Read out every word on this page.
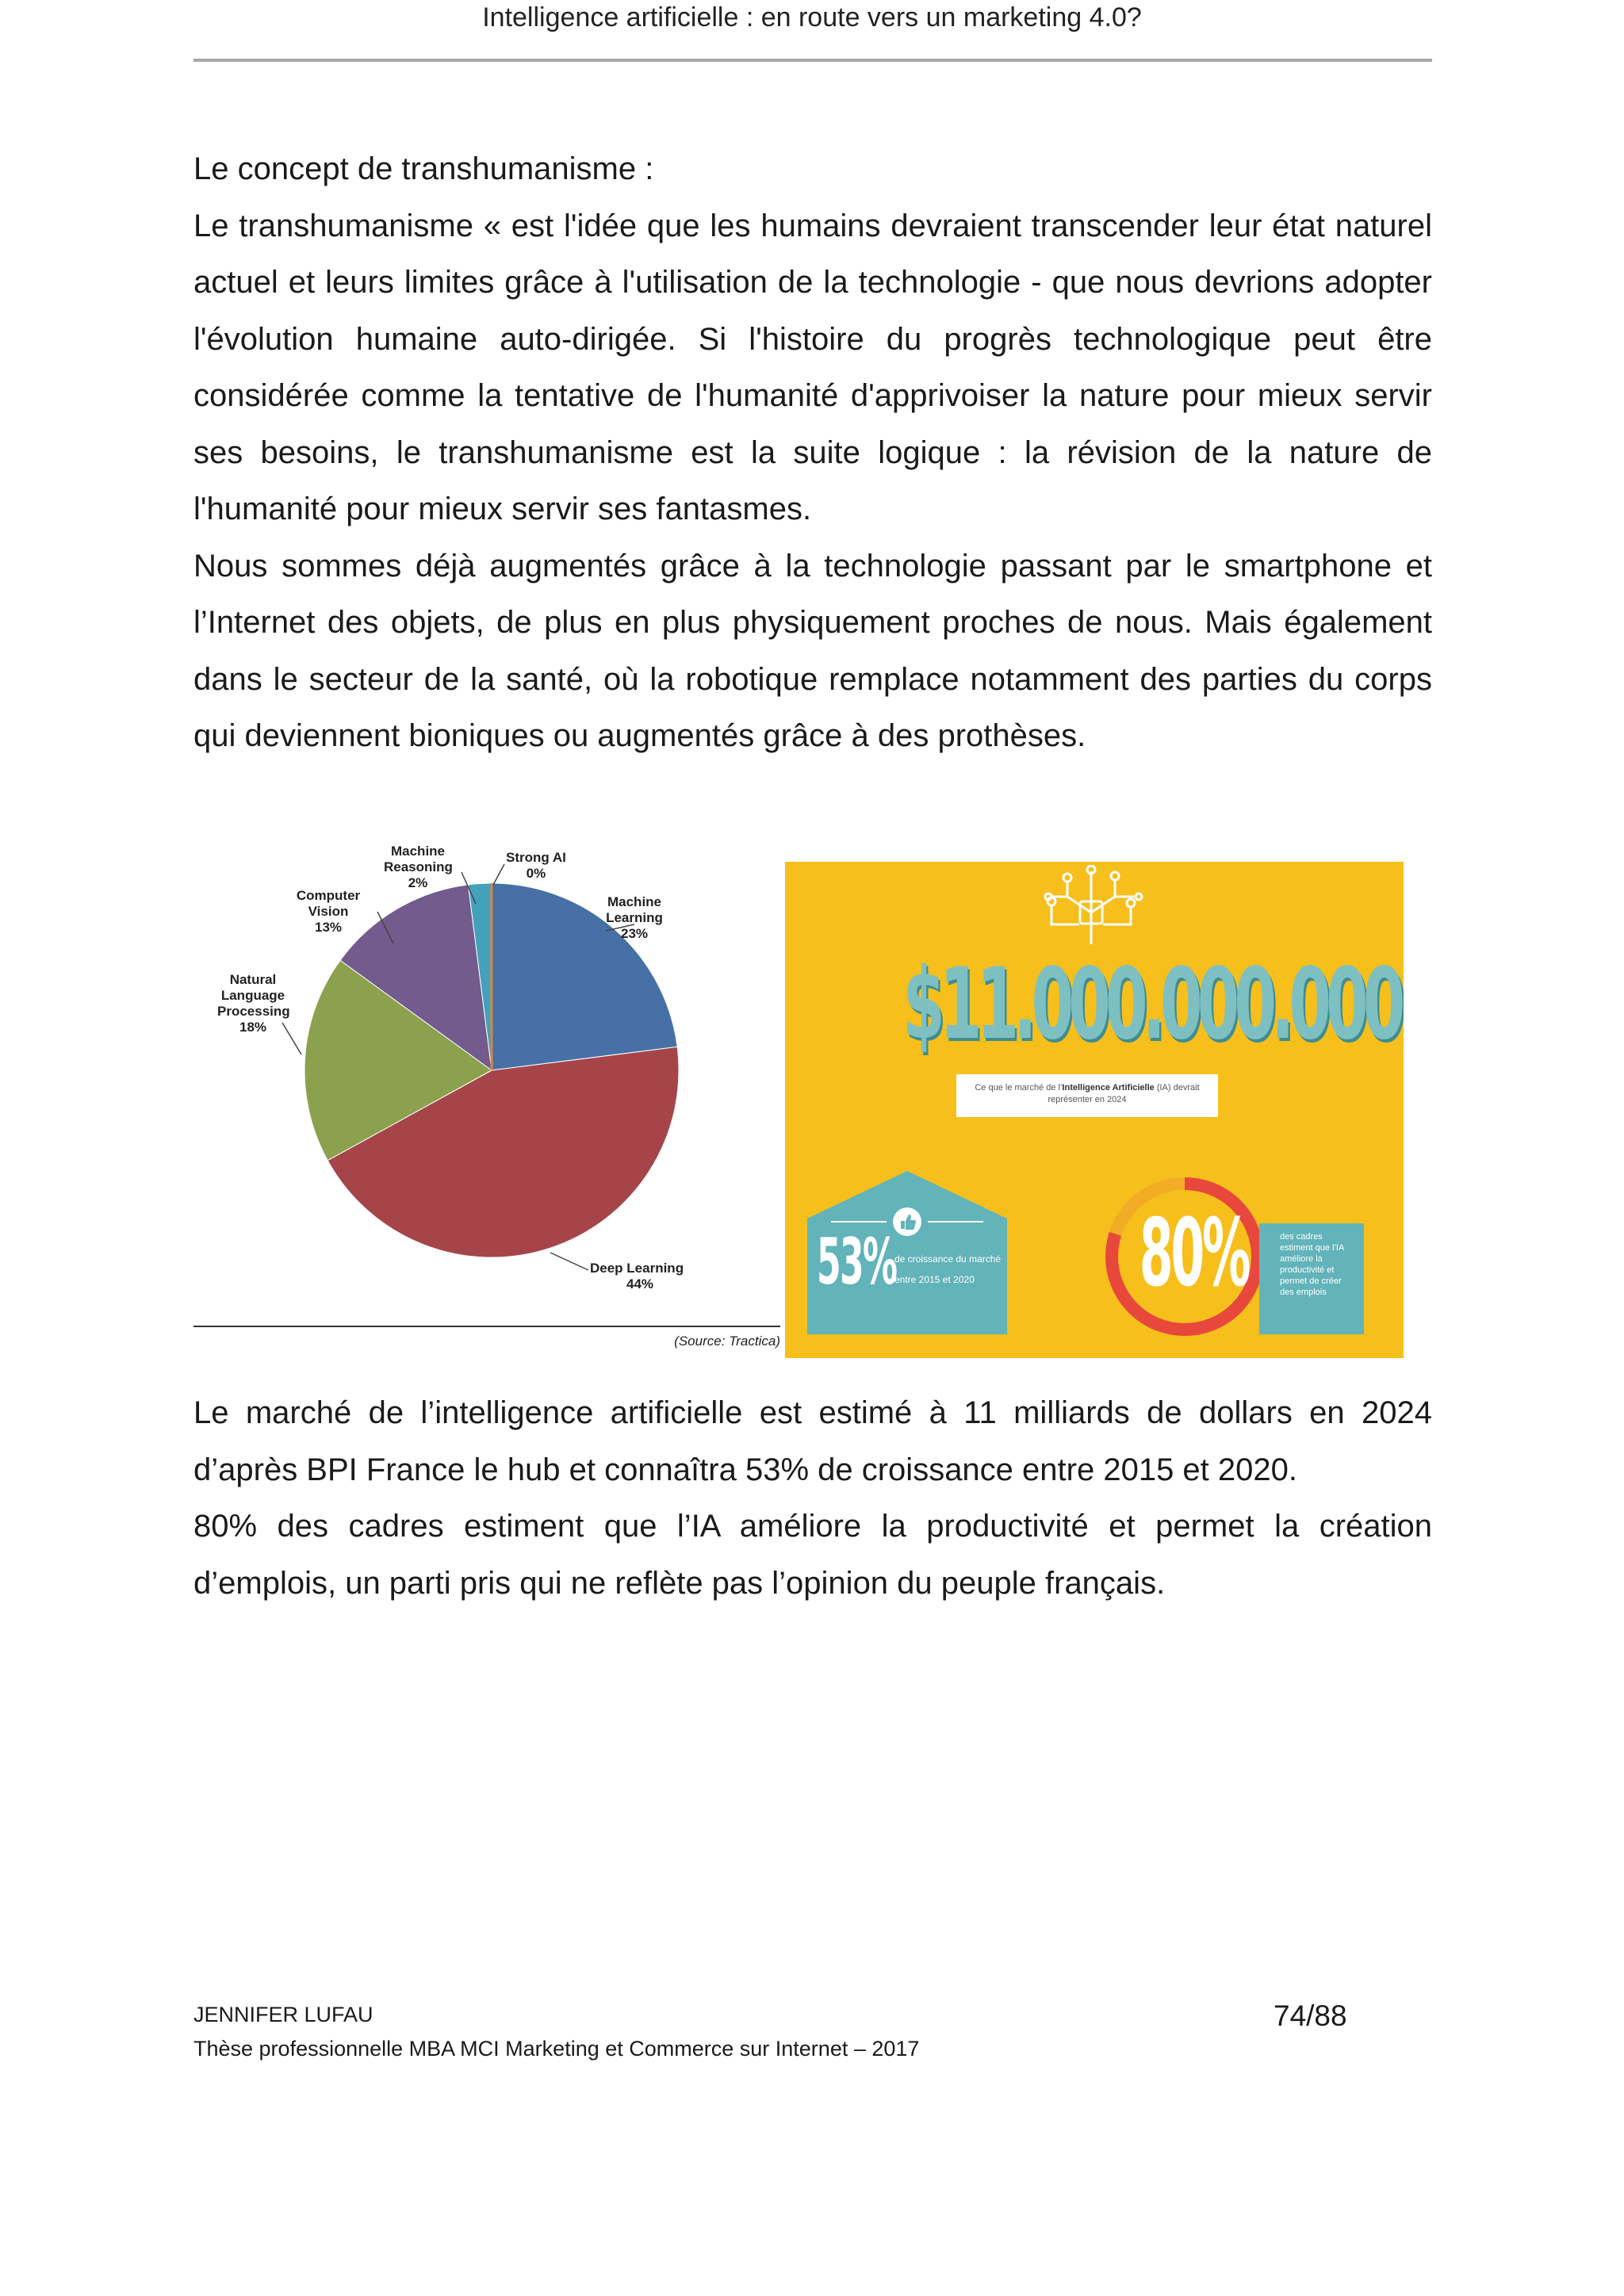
Intelligence artificielle : en route vers un marketing 4.0?

Le concept de transhumanisme :

Le transhumanisme « est l'idée que les humains devraient transcender leur état naturel actuel et leurs limites grâce à l'utilisation de la technologie - que nous devrions adopter l'évolution humaine auto-dirigée. Si l'histoire du progrès technologique peut être considérée comme la tentative de l'humanité d'apprivoiser la nature pour mieux servir ses besoins, le transhumanisme est la suite logique : la révision de la nature de l'humanité pour mieux servir ses fantasmes.

Nous sommes déjà augmentés grâce à la technologie passant par le smartphone et l’Internet des objets, de plus en plus physiquement proches de nous. Mais également dans le secteur de la santé, où la robotique remplace notamment des parties du corps qui deviennent bioniques ou augmentés grâce à des prothèses.

Machine Learning
23%
Deep Learning
44%
Natural Language Processing
18%
Computer Vision
13%
Machine Reasoning
2%
Strong AI
0%
(Source: Tractica)
$11.000.000.000
Ce que le marché de l’Intelligence Artificielle (IA) devrait représenter en 2024
53%
de croissance du marché entre 2015 et 2020	80%	des cadres estiment que l’IA améliore la productivité et permet de créer des emplois

Le marché de l’intelligence artificielle est estimé à 11 milliards de dollars en 2024 d’après BPI France le hub et connaîtra 53% de croissance entre 2015 et 2020.

80% des cadres estiment que l’IA améliore la productivité et permet la création d’emplois, un parti pris qui ne reflète pas l’opinion du peuple français.

JENNIFER LUFAU	74/88
Thèse professionnelle MBA MCI Marketing et Commerce sur Internet – 2017
